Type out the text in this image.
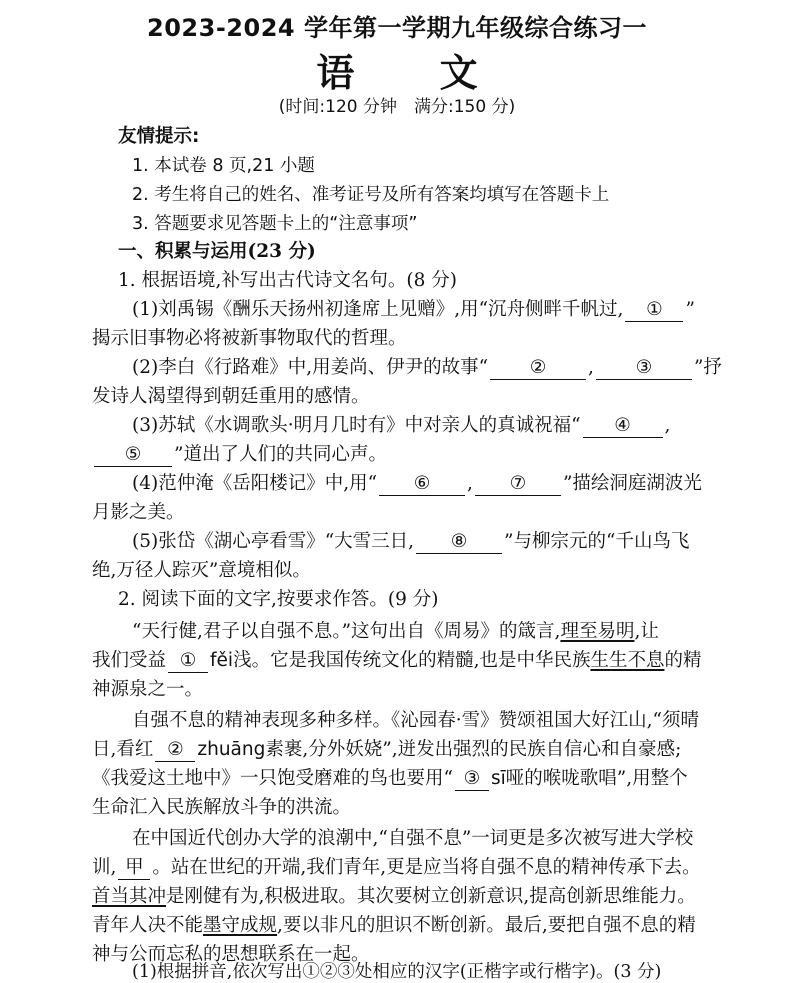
2023-2024 学年第一学期九年级综合练习一
语 文
(时间:120 分钟　满分:150 分)
友情提示:
1. 本试卷 8 页,21 小题
2. 考生将自己的姓名、准考证号及所有答案均填写在答题卡上
3. 答题要求见答题卡上的“注意事项”
一、积累与运用(23 分)
1. 根据语境,补写出古代诗文名句。(8 分)
(1)刘禹锡《酬乐天扬州初逢席上见赠》,用“沉舟侧畔千帆过, ① ”
揭示旧事物必将被新事物取代的哲理。
(2)李白《行路难》中,用姜尚、伊尹的故事“ ② , ③ ”抒
发诗人渴望得到朝廷重用的感情。
(3)苏轼《水调歌头·明月几时有》中对亲人的真诚祝福“ ④ ,
⑤ ”道出了人们的共同心声。
(4)范仲淹《岳阳楼记》中,用“ ⑥ , ⑦ ”描绘洞庭湖波光
月影之美。
(5)张岱《湖心亭看雪》“大雪三日, ⑧ ”与柳宗元的“千山鸟飞
绝,万径人踪灭”意境相似。
2. 阅读下面的文字,按要求作答。(9 分)
“天行健,君子以自强不息。”这句出自《周易》的箴言,理至易明,让
我们受益 ① fěi浅。它是我国传统文化的精髓,也是中华民族生生不息的精
神源泉之一。
自强不息的精神表现多种多样。《沁园春·雪》赞颂祖国大好江山,“须晴
日,看红 ② zhuāng素裹,分外妖娆”,迸发出强烈的民族自信心和自豪感;
《我爱这土地中》一只饱受磨难的鸟也要用“ ③ sī哑的喉咙歌唱”,用整个
生命汇入民族解放斗争的洪流。
在中国近代创办大学的浪潮中,“自强不息”一词更是多次被写进大学校
训, 甲 。站在世纪的开端,我们青年,更是应当将自强不息的精神传承下去。
首当其冲是刚健有为,积极进取。其次要树立创新意识,提高创新思维能力。
青年人决不能墨守成规,要以非凡的胆识不断创新。最后,要把自强不息的精
神与公而忘私的思想联系在一起。
(1)根据拼音,依次写出①②③处相应的汉字(正楷字或行楷字)。(3 分)
